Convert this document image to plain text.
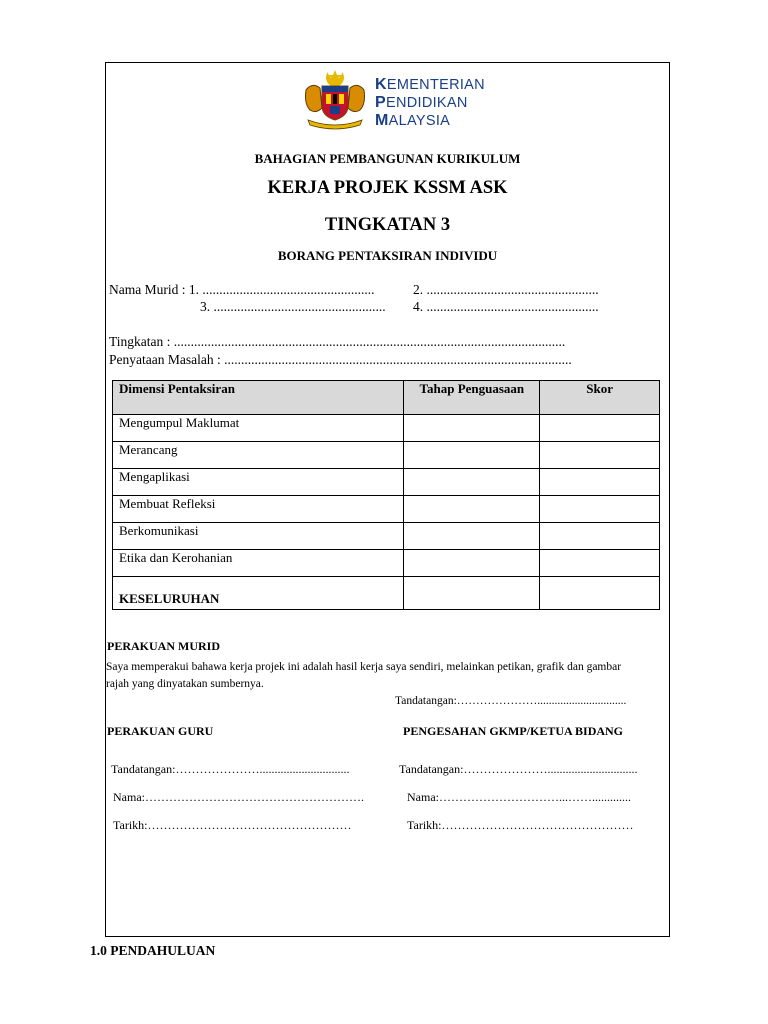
KEMENTERIAN
PENDIDIKAN
MALAYSIA
BAHAGIAN PEMBANGUNAN KURIKULUM
KERJA PROJEK KSSM ASK
TINGKATAN 3
BORANG PENTAKSIRAN INDIVIDU
Nama Murid : 1. ...................................................	2. ...................................................
3. ................................................... 4. ...................................................
Tingkatan : ....................................................................................................................
Penyataan Masalah : .......................................................................................................
Dimensi Pentaksiran	Tahap Penguasaan	Skor
Mengumpul Maklumat		
Merancang		
Mengaplikasi		
Membuat Refleksi		
Berkomunikasi		
Etika dan Kerohanian		
KESELURUHAN		
PERAKUAN MURID
Saya memperakui bahawa kerja projek ini adalah hasil kerja saya sendiri, melainkan petikan, grafik dan gambar
rajah yang dinyatakan sumbernya.
Tandatangan:…………………...............................
PERAKUAN GURU
Tandatangan:…………………..............................
Nama:……………………………………………….
Tarikh:……………………………………………
PENGESAHAN GKMP/KETUA BIDANG
Tandatangan:…………………..............................
Nama:…………………………...…….............
Tarikh:…………………………………………
1.0 PENDAHULUAN
